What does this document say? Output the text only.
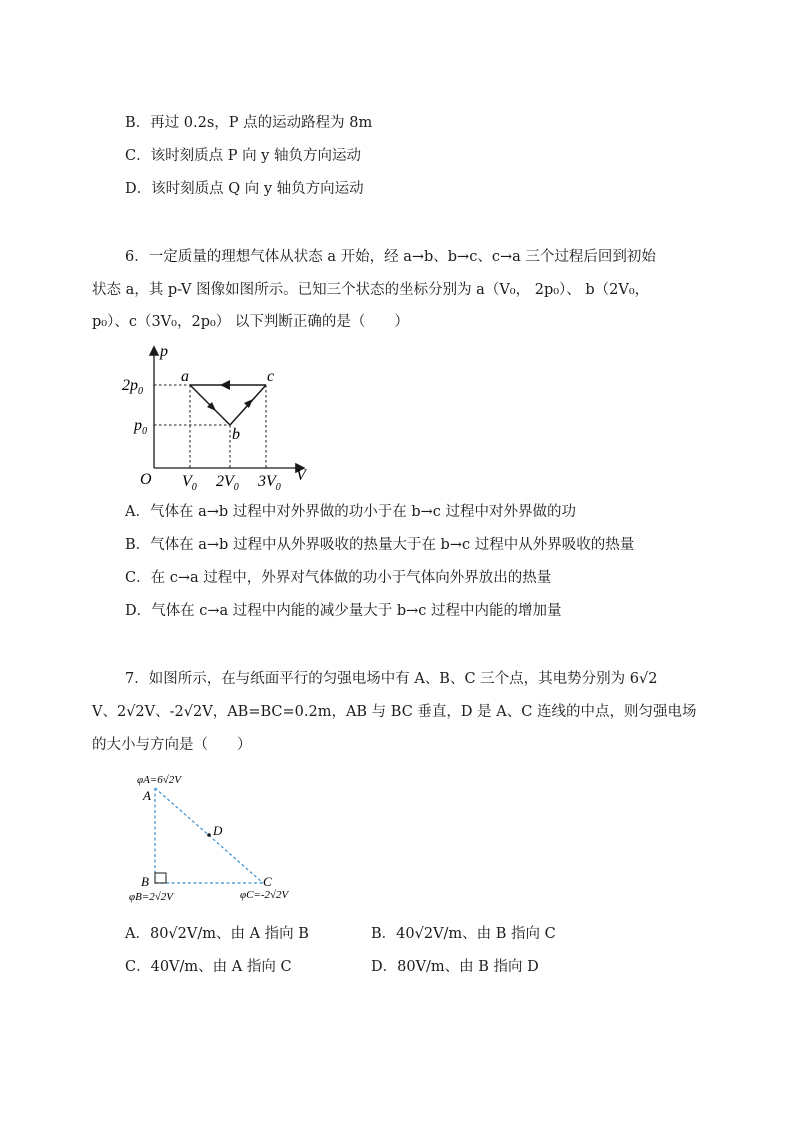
B．再过 0.2s，P 点的运动路程为 8m
C．该时刻质点 P 向 y 轴负方向运动
D．该时刻质点 Q 向 y 轴负方向运动
6．一定质量的理想气体从状态 a 开始，经 a→b、b→c、c→a 三个过程后回到初始
状态 a，其 p-V 图像如图所示。已知三个状态的坐标分别为 a（V₀， 2p₀）、 b（2V₀，
p₀）、c（3V₀，2p₀） 以下判断正确的是（　　）
p
V
O
$2p_0$
$p_0$
$V_0$ $2V_0$ $3V_0$
a
b
c
A．气体在 a→b 过程中对外界做的功小于在 b→c 过程中对外界做的功
B．气体在 a→b 过程中从外界吸收的热量大于在 b→c 过程中从外界吸收的热量
C．在 c→a 过程中，外界对气体做的功小于气体向外界放出的热量
D．气体在 c→a 过程中内能的减少量大于 b→c 过程中内能的增加量
7．如图所示，在与纸面平行的匀强电场中有 A、B、C 三个点，其电势分别为 6√2
V、2√2V、-2√2V，AB=BC=0.2m，AB 与 BC 垂直，D 是 A、C 连线的中点，则匀强电场
的大小与方向是（　　）
φA=6√2V
A
D
B	C
φB=2√2V	φC=-2√2V
A．80√2V/m、由 A 指向 B	B．40√2V/m、由 B 指向 C
C．40V/m、由 A 指向 C	D．80V/m、由 B 指向 D
